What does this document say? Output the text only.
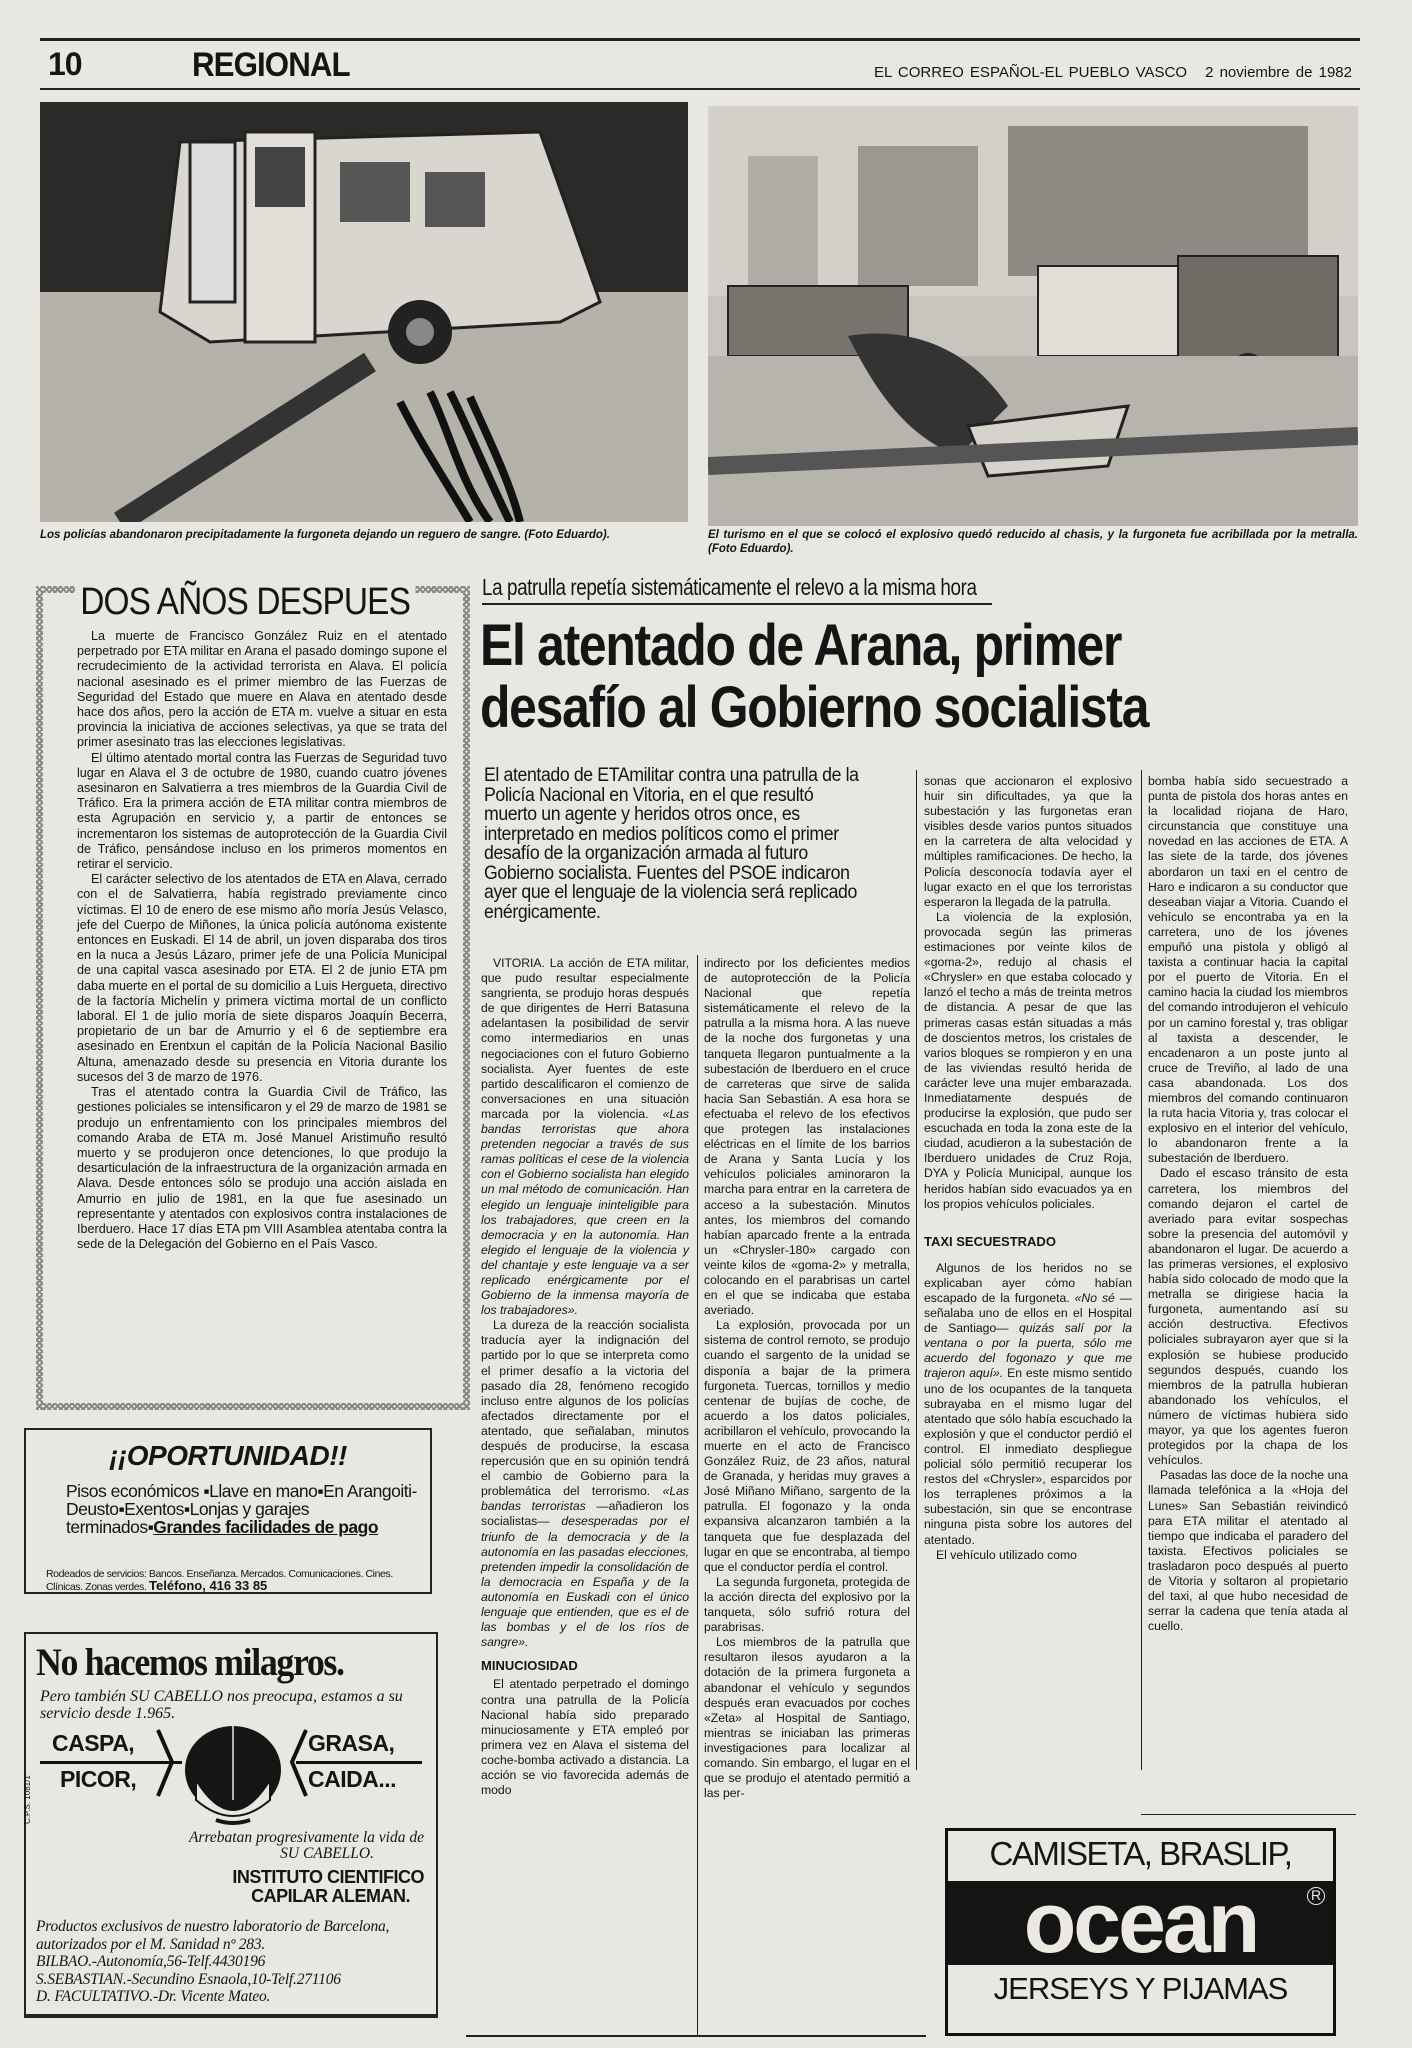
10	REGIONAL	EL CORREO ESPAÑOL-EL PUEBLO VASCO 2 noviembre de 1982
Los policías abandonaron precipitadamente la furgoneta dejando un reguero de sangre. (Foto Eduardo).	El turismo en el que se colocó el explosivo quedó reducido al chasis, y la furgoneta fue acribillada por la metralla. (Foto Eduardo).
DOS AÑOS DESPUES

La muerte de Francisco González Ruiz en el atentado perpetrado por ETA militar en Arana el pasado domingo supone el recrudecimiento de la actividad terrorista en Alava. El policía nacional asesinado es el primer miembro de las Fuerzas de Seguridad del Estado que muere en Alava en atentado desde hace dos años, pero la acción de ETA m. vuelve a situar en esta provincia la iniciativa de acciones selectivas, ya que se trata del primer asesinato tras las elecciones legislativas.

El último atentado mortal contra las Fuerzas de Seguridad tuvo lugar en Alava el 3 de octubre de 1980, cuando cuatro jóvenes asesinaron en Salvatierra a tres miembros de la Guardia Civil de Tráfico. Era la primera acción de ETA militar contra miembros de esta Agrupación en servicio y, a partir de entonces se incrementaron los sistemas de autoprotección de la Guardia Civil de Tráfico, pensándose incluso en los primeros momentos en retirar el servicio.

El carácter selectivo de los atentados de ETA en Alava, cerrado con el de Salvatierra, había registrado previamente cinco víctimas. El 10 de enero de ese mismo año moría Jesús Velasco, jefe del Cuerpo de Miñones, la única policía autónoma existente entonces en Euskadi. El 14 de abril, un joven disparaba dos tiros en la nuca a Jesús Lázaro, primer jefe de una Policía Municipal de una capital vasca asesinado por ETA. El 2 de junio ETA pm daba muerte en el portal de su domicilio a Luis Hergueta, directivo de la factoría Michelín y primera víctima mortal de un conflicto laboral. El 1 de julio moría de siete disparos Joaquín Becerra, propietario de un bar de Amurrio y el 6 de septiembre era asesinado en Erentxun el capitán de la Policía Nacional Basilio Altuna, amenazado desde su presencia en Vitoria durante los sucesos del 3 de marzo de 1976.

Tras el atentado contra la Guardia Civil de Tráfico, las gestiones policiales se intensificaron y el 29 de marzo de 1981 se produjo un enfrentamiento con los principales miembros del comando Araba de ETA m. José Manuel Aristimuño resultó muerto y se produjeron once detenciones, lo que produjo la desarticulación de la infraestructura de la organización armada en Alava. Desde entonces sólo se produjo una acción aislada en Amurrio en julio de 1981, en la que fue asesinado un representante y atentados con explosivos contra instalaciones de Iberduero. Hace 17 días ETA pm VIII Asamblea atentaba contra la sede de la Delegación del Gobierno en el País Vasco.

La patrulla repetía sistemáticamente el relevo a la misma hora
El atentado de Arana, primer
desafío al Gobierno socialista
El atentado de ETAmilitar contra una patrulla de la Policía Nacional en Vitoria, en el que resultó muerto un agente y heridos otros once, es interpretado en medios políticos como el primer desafío de la organización armada al futuro Gobierno socialista. Fuentes del PSOE indicaron ayer que el lenguaje de la violencia será replicado enérgicamente.

VITORIA. La acción de ETA militar, que pudo resultar especialmente sangrienta, se produjo horas después de que dirigentes de Herri Batasuna adelantasen la posibilidad de servir como intermediarios en unas negociaciones con el futuro Gobierno socialista. Ayer fuentes de este partido descalificaron el comienzo de conversaciones en una situación marcada por la violencia. «Las bandas terroristas que ahora pretenden negociar a través de sus ramas políticas el cese de la violencia con el Gobierno socialista han elegido un mal método de comunicación. Han elegido un lenguaje ininteligible para los trabajadores, que creen en la democracia y en la autonomía. Han elegido el lenguaje de la violencia y del chantaje y este lenguaje va a ser replicado enérgicamente por el Gobierno de la inmensa mayoría de los trabajadores».

La dureza de la reacción socialista traducía ayer la indignación del partido por lo que se interpreta como el primer desafío a la victoria del pasado día 28, fenómeno recogido incluso entre algunos de los policías afectados directamente por el atentado, que señalaban, minutos después de producirse, la escasa repercusión que en su opinión tendrá el cambio de Gobierno para la problemática del terrorismo. «Las bandas terroristas —añadieron los socialistas— desesperadas por el triunfo de la democracia y de la autonomía en las pasadas elecciones, pretenden impedir la consolidación de la democracia en España y de la autonomía en Euskadi con el único lenguaje que entienden, que es el de las bombas y el de los ríos de sangre».

MINUCIOSIDAD

El atentado perpetrado el domingo contra una patrulla de la Policía Nacional había sido preparado minuciosamente y ETA empleó por primera vez en Alava el sistema del coche-bomba activado a distancia. La acción se vio favorecida además de modo

indirecto por los deficientes medios de autoprotección de la Policía Nacional que repetía sistemáticamente el relevo de la patrulla a la misma hora. A las nueve de la noche dos furgonetas y una tanqueta llegaron puntualmente a la subestación de Iberduero en el cruce de carreteras que sirve de salida hacia San Sebastián. A esa hora se efectuaba el relevo de los efectivos que protegen las instalaciones eléctricas en el límite de los barrios de Arana y Santa Lucía y los vehículos policiales aminoraron la marcha para entrar en la carretera de acceso a la subestación. Minutos antes, los miembros del comando habían aparcado frente a la entrada un «Chrysler-180» cargado con veinte kilos de «goma-2» y metralla, colocando en el parabrisas un cartel en el que se indicaba que estaba averiado.

La explosión, provocada por un sistema de control remoto, se produjo cuando el sargento de la unidad se disponía a bajar de la primera furgoneta. Tuercas, tornillos y medio centenar de bujías de coche, de acuerdo a los datos policiales, acribillaron el vehículo, provocando la muerte en el acto de Francisco González Ruiz, de 23 años, natural de Granada, y heridas muy graves a José Miñano Miñano, sargento de la patrulla. El fogonazo y la onda expansiva alcanzaron también a la tanqueta que fue desplazada del lugar en que se encontraba, al tiempo que el conductor perdía el control.

La segunda furgoneta, protegida de la acción directa del explosivo por la tanqueta, sólo sufrió rotura del parabrisas.

Los miembros de la patrulla que resultaron ilesos ayudaron a la dotación de la primera furgoneta a abandonar el vehículo y segundos después eran evacuados por coches «Zeta» al Hospital de Santiago, mientras se iniciaban las primeras investigaciones para localizar al comando. Sin embargo, el lugar en el que se produjo el atentado permitió a las per-

sonas que accionaron el explosivo huir sin dificultades, ya que la subestación y las furgonetas eran visibles desde varios puntos situados en la carretera de alta velocidad y múltiples ramificaciones. De hecho, la Policía desconocía todavía ayer el lugar exacto en el que los terroristas esperaron la llegada de la patrulla.

La violencia de la explosión, provocada según las primeras estimaciones por veinte kilos de «goma-2», redujo al chasis el «Chrysler» en que estaba colocado y lanzó el techo a más de treinta metros de distancia. A pesar de que las primeras casas están situadas a más de doscientos metros, los cristales de varios bloques se rompieron y en una de las viviendas resultó herida de carácter leve una mujer embarazada. Inmediatamente después de producirse la explosión, que pudo ser escuchada en toda la zona este de la ciudad, acudieron a la subestación de Iberduero unidades de Cruz Roja, DYA y Policía Municipal, aunque los heridos habían sido evacuados ya en los propios vehículos policiales.

TAXI SECUESTRADO

Algunos de los heridos no se explicaban ayer cómo habían escapado de la furgoneta. «No sé —señalaba uno de ellos en el Hospital de Santiago— quizás salí por la ventana o por la puerta, sólo me acuerdo del fogonazo y que me trajeron aquí». En este mismo sentido uno de los ocupantes de la tanqueta subrayaba en el mismo lugar del atentado que sólo había escuchado la explosión y que el conductor perdió el control. El inmediato despliegue policial sólo permitió recuperar los restos del «Chrysler», esparcidos por los terraplenes próximos a la subestación, sin que se encontrase ninguna pista sobre los autores del atentado.

El vehículo utilizado como

bomba había sido secuestrado a punta de pistola dos horas antes en la localidad riojana de Haro, circunstancia que constituye una novedad en las acciones de ETA. A las siete de la tarde, dos jóvenes abordaron un taxi en el centro de Haro e indicaron a su conductor que deseaban viajar a Vitoria. Cuando el vehículo se encontraba ya en la carretera, uno de los jóvenes empuñó una pistola y obligó al taxista a continuar hacia la capital por el puerto de Vitoria. En el camino hacia la ciudad los miembros del comando introdujeron el vehículo por un camino forestal y, tras obligar al taxista a descender, le encadenaron a un poste junto al cruce de Treviño, al lado de una casa abandonada. Los dos miembros del comando continuaron la ruta hacia Vitoria y, tras colocar el explosivo en el interior del vehículo, lo abandonaron frente a la subestación de Iberduero.

Dado el escaso tránsito de esta carretera, los miembros del comando dejaron el cartel de averiado para evitar sospechas sobre la presencia del automóvil y abandonaron el lugar. De acuerdo a las primeras versiones, el explosivo había sido colocado de modo que la metralla se dirigiese hacia la furgoneta, aumentando así su acción destructiva. Efectivos policiales subrayaron ayer que si la explosión se hubiese producido segundos después, cuando los miembros de la patrulla hubieran abandonado los vehículos, el número de víctimas hubiera sido mayor, ya que los agentes fueron protegidos por la chapa de los vehículos.

Pasadas las doce de la noche una llamada telefónica a la «Hoja del Lunes» San Sebastián reivindicó para ETA militar el atentado al tiempo que indicaba el paradero del taxista. Efectivos policiales se trasladaron poco después al puerto de Vitoria y soltaron al propietario del taxi, al que hubo necesidad de serrar la cadena que tenía atada al cuello.

¡¡OPORTUNIDAD!!
Pisos económicos ▪Llave en mano▪En Arangoiti-Deusto▪Exentos▪Lonjas y garajes terminados▪Grandes facilidades de pago
Rodeados de servicios: Bancos. Enseñanza. Mercados. Comunicaciones. Cines. Clínicas. Zonas verdes. Teléfono, 416 33 85
No hacemos milagros.
Pero también SU CABELLO nos preocupa, estamos a su servicio desde 1.965.
CASPA,
PICOR,
GRASA,
CAIDA...
Arrebatan progresivamente la vida de
SU CABELLO.
INSTITUTO CIENTIFICO
CAPILAR ALEMAN.
Productos exclusivos de nuestro laboratorio de Barcelona, autorizados por el M. Sanidad nº 283.
BILBAO.-Autonomía,56-Telf.4430196
S.SEBASTIAN.-Secundino Esnaola,10-Telf.271106
D. FACULTATIVO.-Dr. Vicente Mateo.
C.P.S. 1081/1
CAMISETA, BRASLIP,
ocean	R
JERSEYS Y PIJAMAS
